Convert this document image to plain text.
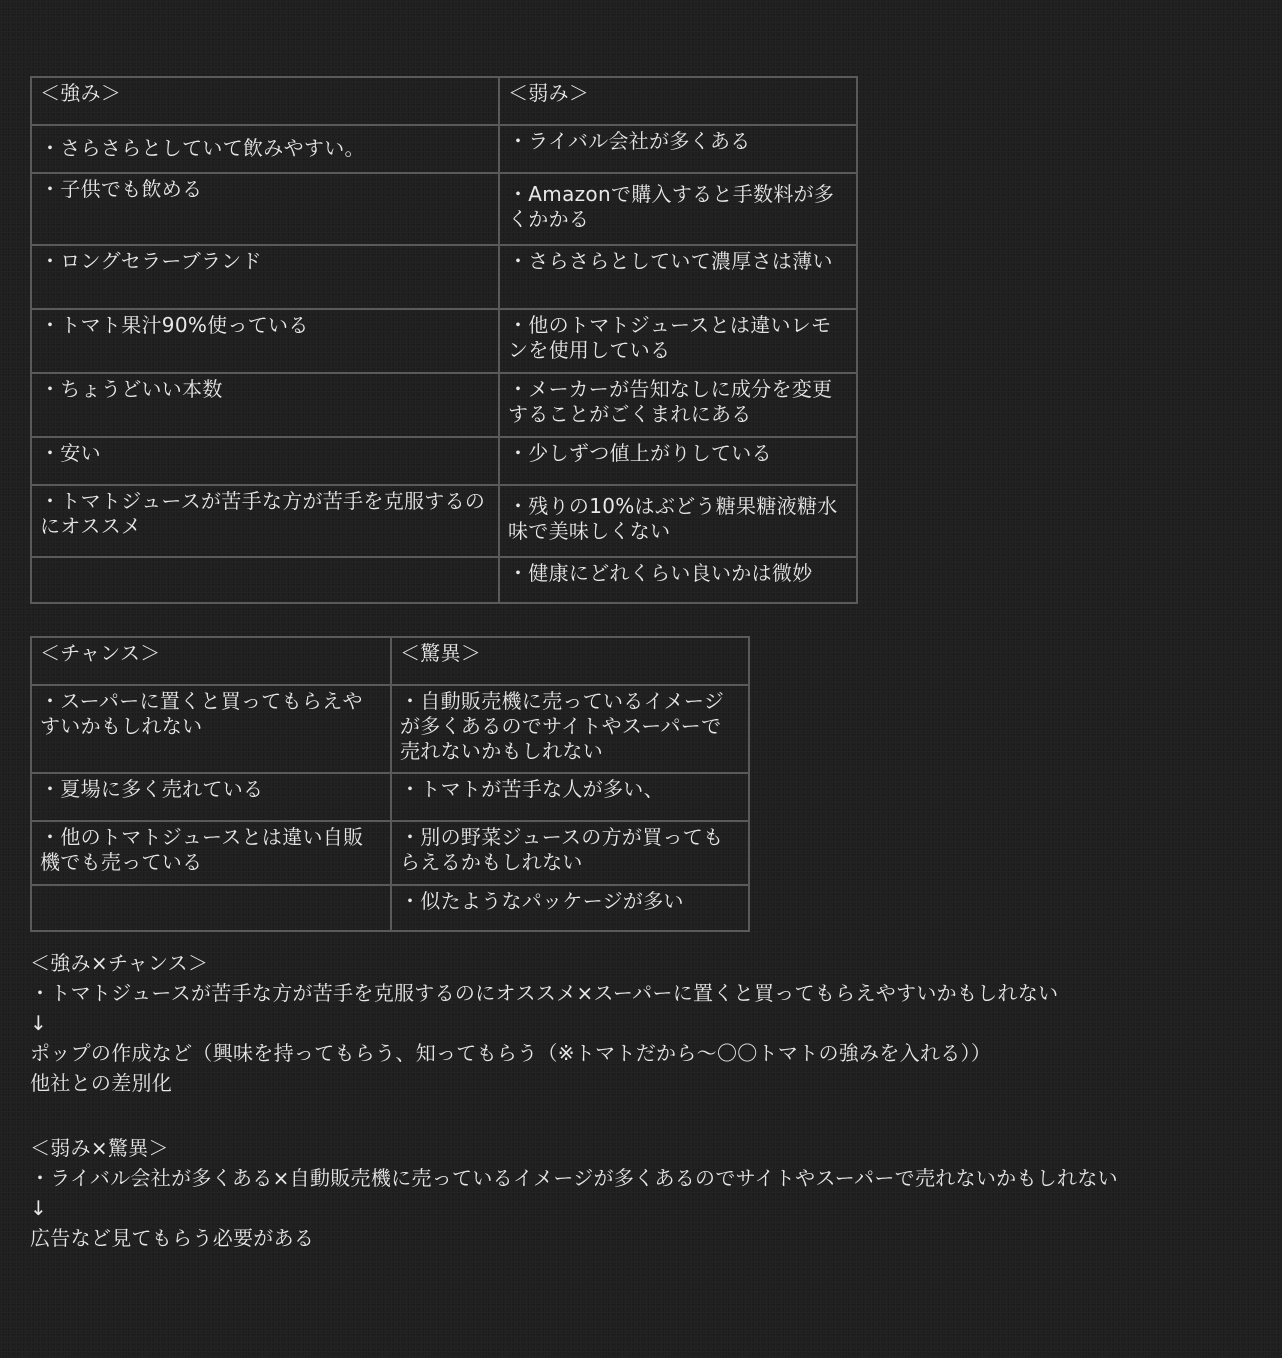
＜強み＞	＜弱み＞
・さらさらとしていて飲みやすい。	・ライバル会社が多くある
・子供でも飲める	・Amazonで購入すると手数料が多くかかる
・ロングセラーブランド	・さらさらとしていて濃厚さは薄い
・トマト果汁90%使っている	・他のトマトジュースとは違いレモンを使用している
・ちょうどいい本数	・メーカーが告知なしに成分を変更することがごくまれにある
・安い	・少しずつ値上がりしている
・トマトジュースが苦手な方が苦手を克服するのにオススメ	・残りの10%はぶどう糖果糖液糖水味で美味しくない
	・健康にどれくらい良いかは微妙
＜チャンス＞	＜驚異＞
・スーパーに置くと買ってもらえやすいかもしれない	・自動販売機に売っているイメージが多くあるのでサイトやスーパーで売れないかもしれない
・夏場に多く売れている	・トマトが苦手な人が多い、
・他のトマトジュースとは違い自販機でも売っている	・別の野菜ジュースの方が買ってもらえるかもしれない
	・似たようなパッケージが多い
＜強み×チャンス＞
・トマトジュースが苦手な方が苦手を克服するのにオススメ×スーパーに置くと買ってもらえやすいかもしれない
↓
ポップの作成など（興味を持ってもらう、知ってもらう（※トマトだから〜〇〇トマトの強みを入れる））
他社との差別化
＜弱み×驚異＞
・ライバル会社が多くある×自動販売機に売っているイメージが多くあるのでサイトやスーパーで売れないかもしれない
↓
広告など見てもらう必要がある
